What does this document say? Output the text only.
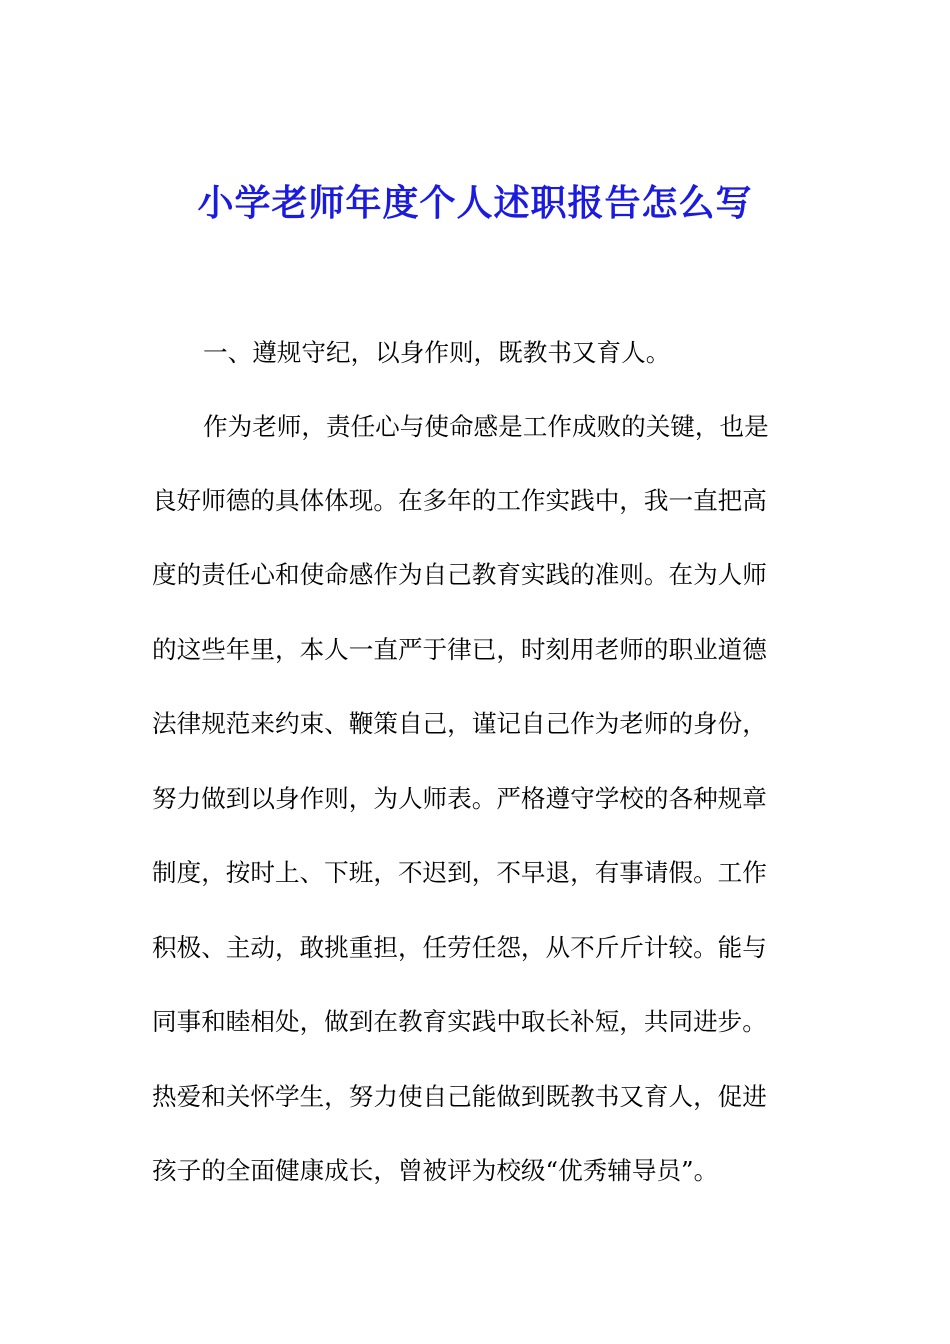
小学老师年度个人述职报告怎么写
一、遵规守纪，以身作则，既教书又育人。
作为老师，责任心与使命感是工作成败的关键，也是
良好师德的具体体现。在多年的工作实践中，我一直把高
度的责任心和使命感作为自己教育实践的准则。在为人师
的这些年里，本人一直严于律已，时刻用老师的职业道德
法律规范来约束、鞭策自己，谨记自己作为老师的身份，
努力做到以身作则，为人师表。严格遵守学校的各种规章
制度，按时上、下班，不迟到，不早退，有事请假。工作
积极、主动，敢挑重担，任劳任怨，从不斤斤计较。能与
同事和睦相处，做到在教育实践中取长补短，共同进步。
热爱和关怀学生，努力使自己能做到既教书又育人，促进
孩子的全面健康成长，曾被评为校级“优秀辅导员”。
